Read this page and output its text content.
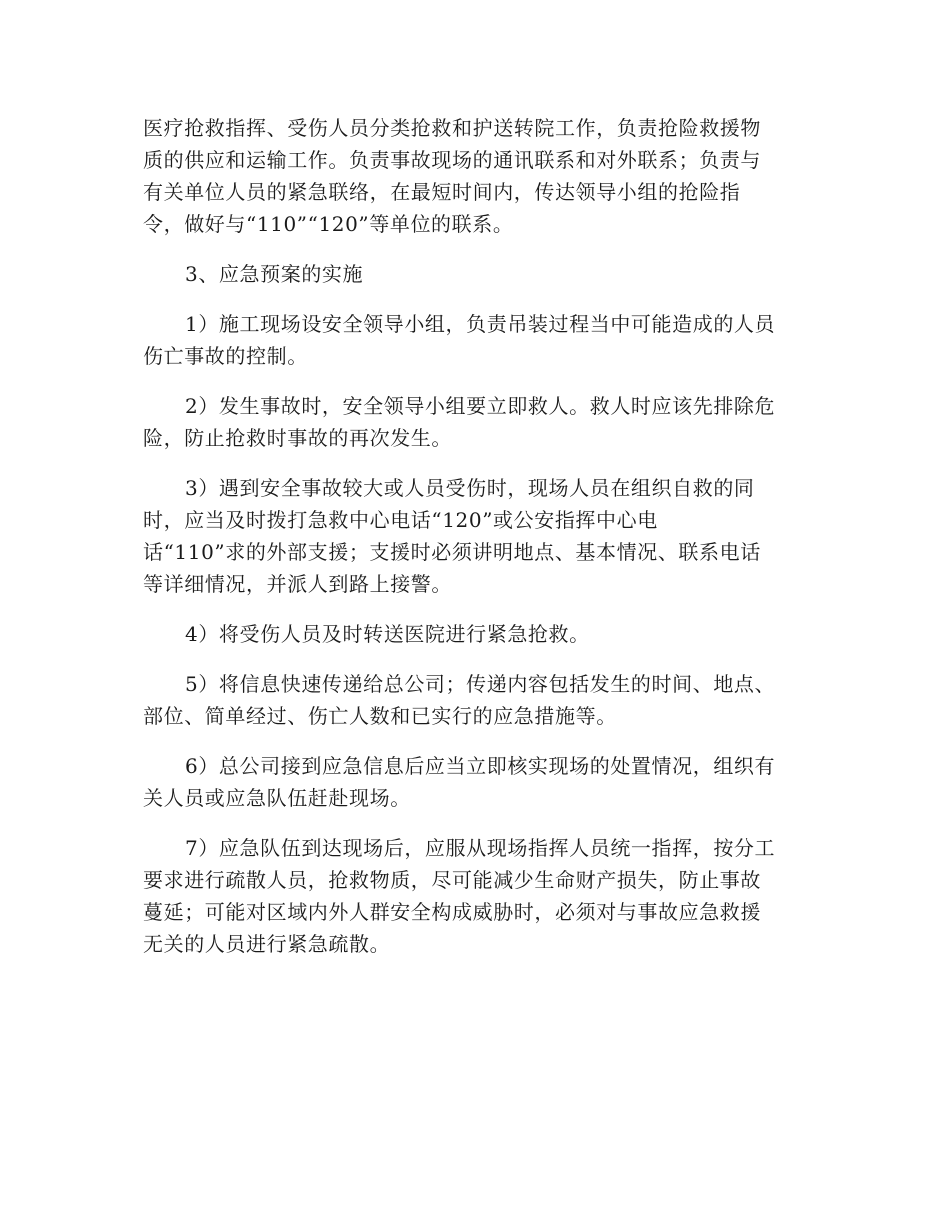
医疗抢救指挥、受伤人员分类抢救和护送转院工作，负责抢险救援物
质的供应和运输工作。负责事故现场的通讯联系和对外联系；负责与
有关单位人员的紧急联络，在最短时间内，传达领导小组的抢险指
令，做好与“110”“120”等单位的联系。

3、应急预案的实施

1）施工现场设安全领导小组，负责吊装过程当中可能造成的人员
伤亡事故的控制。

2）发生事故时，安全领导小组要立即救人。救人时应该先排除危
险，防止抢救时事故的再次发生。

3）遇到安全事故较大或人员受伤时，现场人员在组织自救的同
时，应当及时拨打急救中心电话“120”或公安指挥中心电
话“110”求的外部支援；支援时必须讲明地点、基本情况、联系电话
等详细情况，并派人到路上接警。

4）将受伤人员及时转送医院进行紧急抢救。

5）将信息快速传递给总公司；传递内容包括发生的时间、地点、
部位、简单经过、伤亡人数和已实行的应急措施等。

6）总公司接到应急信息后应当立即核实现场的处置情况，组织有
关人员或应急队伍赶赴现场。

7）应急队伍到达现场后，应服从现场指挥人员统一指挥，按分工
要求进行疏散人员，抢救物质，尽可能减少生命财产损失，防止事故
蔓延；可能对区域内外人群安全构成威胁时，必须对与事故应急救援
无关的人员进行紧急疏散。
